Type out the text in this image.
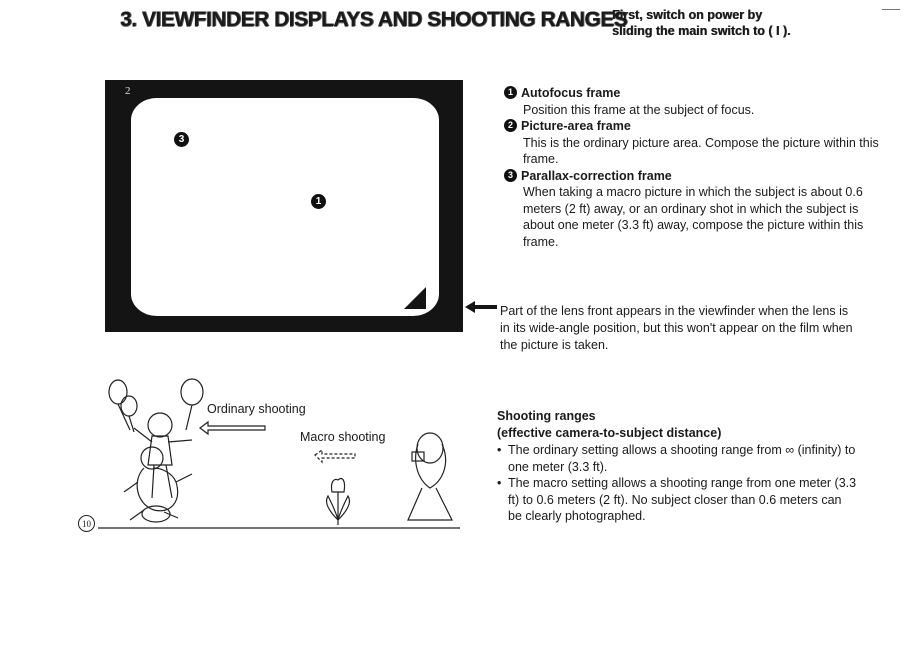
3. VIEWFINDER DISPLAYS AND SHOOTING RANGES
First, switch on power by
sliding the main switch to ( I ).
3
1
2	1 Autofocus frame
Position this frame at the subject of focus.
2 Picture-area frame
This is the ordinary picture area. Compose the picture within this frame.
3 Parallax-correction frame
When taking a macro picture in which the subject is about 0.6 meters (2 ft) away, or an ordinary shot in which the subject is about one meter (3.3 ft) away, compose the picture within this frame.
Part of the lens front appears in the viewfinder when the lens is in its wide-angle position, but this won't appear on the film when the picture is taken.
Ordinary shooting
Macro shooting
Shooting ranges
(effective camera-to-subject distance)
• The ordinary setting allows a shooting range from ∞ (infinity) to one meter (3.3 ft).
• The macro setting allows a shooting range from one meter (3.3 ft) to 0.6 meters (2 ft). No subject closer than 0.6 meters can be clearly photographed.
10
